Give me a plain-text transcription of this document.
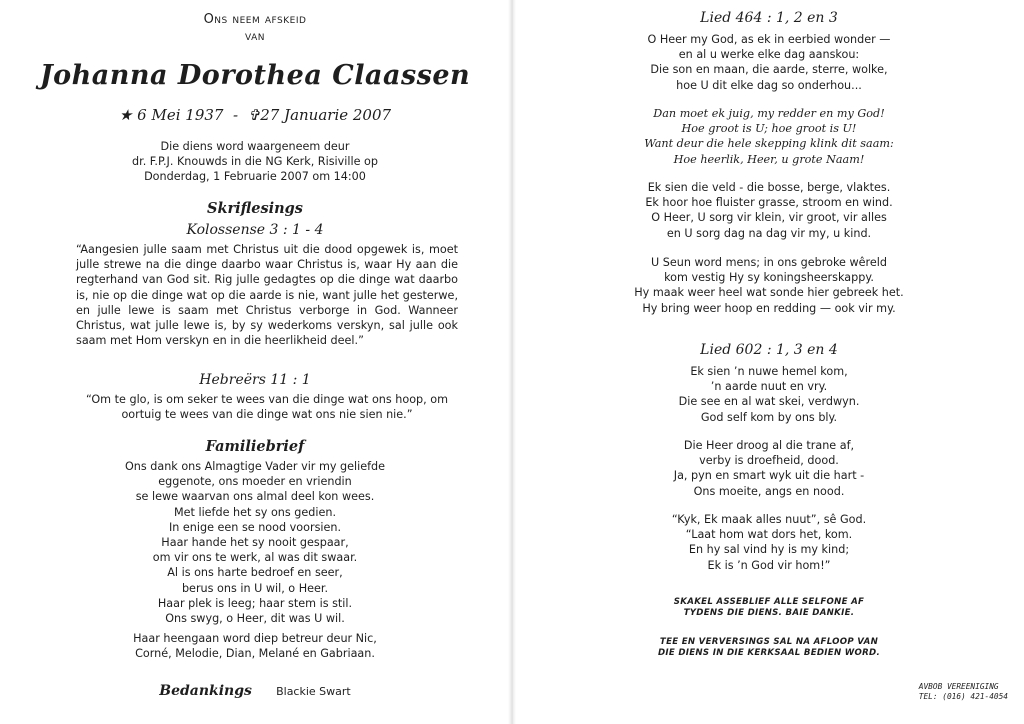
Ons neem afskeid
van
Johanna Dorothea Claassen
★ 6 Mei 1937 - ✞27 Januarie 2007
Die diens word waargeneem deur
dr. F.P.J. Knouwds in die NG Kerk, Risiville op
Donderdag, 1 Februarie 2007 om 14:00
Skriflesings
Kolossense 3 : 1 - 4
“Aangesien julle saam met Christus uit die dood opgewek is, moet julle strewe na die dinge daarbo waar Christus is, waar Hy aan die regterhand van God sit. Rig julle gedagtes op die dinge wat daarbo is, nie op die dinge wat op die aarde is nie, want julle het gesterwe, en julle lewe is saam met Christus verborge in God. Wanneer Christus, wat julle lewe is, by sy wederkoms verskyn, sal julle ook saam met Hom verskyn en in die heerlikheid deel.”
Hebreërs 11 : 1
“Om te glo, is om seker te wees van die dinge wat ons hoop, om oortuig te wees van die dinge wat ons nie sien nie.”
Familiebrief
Ons dank ons Almagtige Vader vir my geliefde
eggenote, ons moeder en vriendin
se lewe waarvan ons almal deel kon wees.
Met liefde het sy ons gedien.
In enige een se nood voorsien.
Haar hande het sy nooit gespaar,
om vir ons te werk, al was dit swaar.
Al is ons harte bedroef en seer,
berus ons in U wil, o Heer.
Haar plek is leeg; haar stem is stil.
Ons swyg, o Heer, dit was U wil.
Haar heengaan word diep betreur deur Nic,
Corné, Melodie, Dian, Melané en Gabriaan.
Bedankings Blackie Swart
Lied 464 : 1, 2 en 3
O Heer my God, as ek in eerbied wonder —
en al u werke elke dag aanskou:
Die son en maan, die aarde, sterre, wolke,
hoe U dit elke dag so onderhou...
Dan moet ek juig, my redder en my God!
Hoe groot is U; hoe groot is U!
Want deur die hele skepping klink dit saam:
Hoe heerlik, Heer, u grote Naam!
Ek sien die veld - die bosse, berge, vlaktes.
Ek hoor hoe fluister grasse, stroom en wind.
O Heer, U sorg vir klein, vir groot, vir alles
en U sorg dag na dag vir my, u kind.
U Seun word mens; in ons gebroke wêreld
kom vestig Hy sy koningsheerskappy.
Hy maak weer heel wat sonde hier gebreek het.
Hy bring weer hoop en redding — ook vir my.
Lied 602 : 1, 3 en 4
Ek sien ’n nuwe hemel kom,
’n aarde nuut en vry.
Die see en al wat skei, verdwyn.
God self kom by ons bly.
Die Heer droog al die trane af,
verby is droefheid, dood.
Ja, pyn en smart wyk uit die hart -
Ons moeite, angs en nood.
“Kyk, Ek maak alles nuut”, sê God.
“Laat hom wat dors het, kom.
En hy sal vind hy is my kind;
Ek is ’n God vir hom!”
SKAKEL ASSEBLIEF ALLE SELFONE AF
TYDENS DIE DIENS. BAIE DANKIE.
TEE EN VERVERSINGS SAL NA AFLOOP VAN
DIE DIENS IN DIE KERKSAAL BEDIEN WORD.
AVBOB VEREENIGING
TEL: (016) 421-4054
